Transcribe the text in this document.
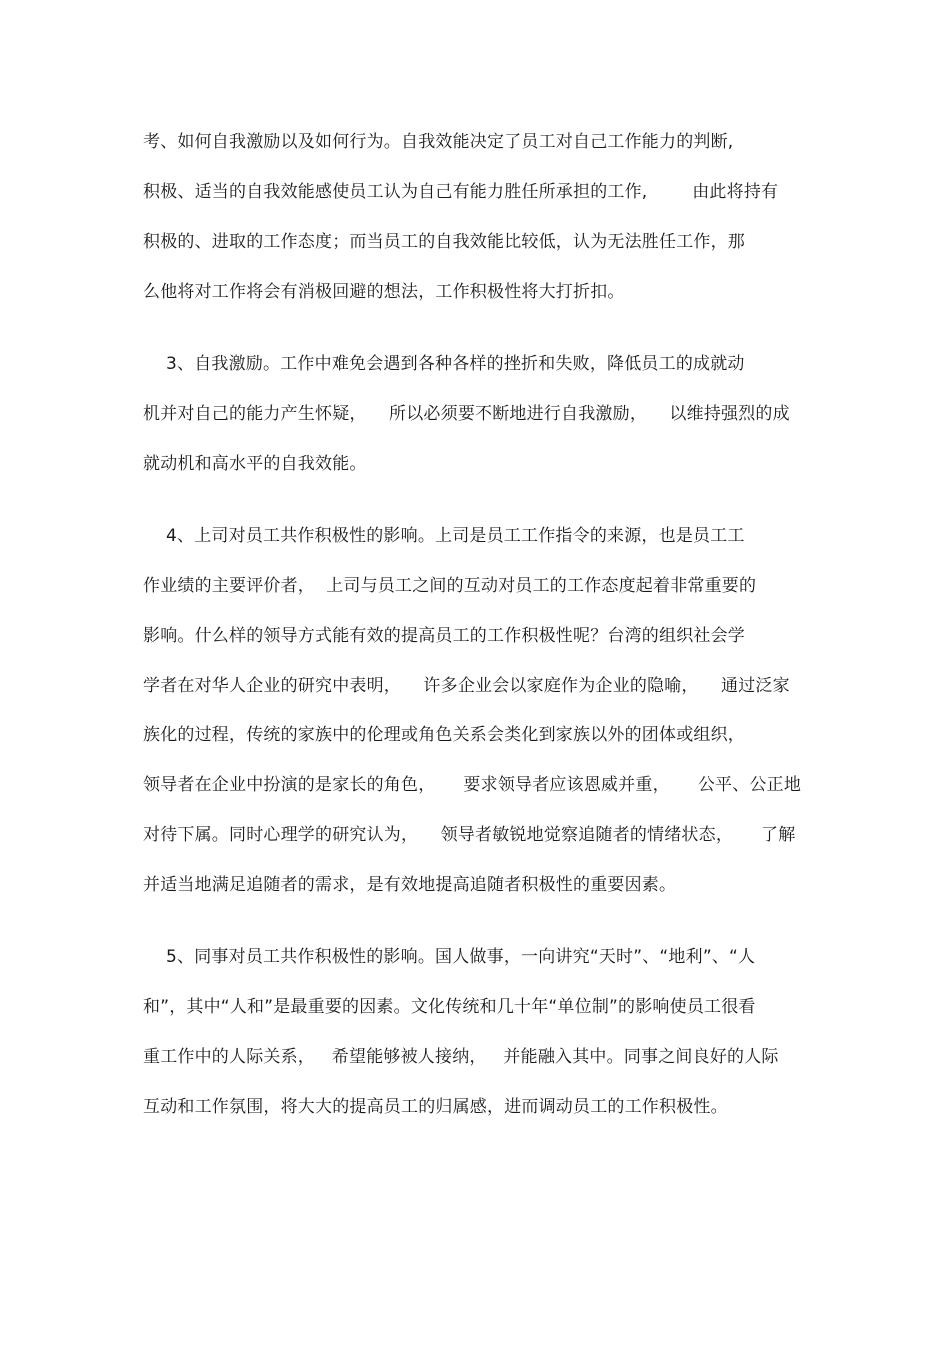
考、如何自我激励以及如何行为。自我效能决定了员工对自己工作能力的判断,
积极、适当的自我效能感使员工认为自己有能力胜任所承担的工作,        由此将持有
积极的、进取的工作态度；而当员工的自我效能比较低，认为无法胜任工作，那
么他将对工作将会有消极回避的想法，工作积极性将大打折扣。
3、自我激励。工作中难免会遇到各种各样的挫折和失败，降低员工的成就动
机并对自己的能力产生怀疑，    所以必须要不断地进行自我激励，    以维持强烈的成
就动机和高水平的自我效能。
4、上司对员工共作积极性的影响。上司是员工工作指令的来源，也是员工工
作业绩的主要评价者，  上司与员工之间的互动对员工的工作态度起着非常重要的
影响。什么样的领导方式能有效的提高员工的工作积极性呢？台湾的组织社会学
学者在对华人企业的研究中表明，    许多企业会以家庭作为企业的隐喻，    通过泛家
族化的过程，传统的家族中的伦理或角色关系会类化到家族以外的团体或组织，
领导者在企业中扮演的是家长的角色，     要求领导者应该恩威并重，     公平、公正地
对待下属。同时心理学的研究认为，    领导者敏锐地觉察追随者的情绪状态，     了解
并适当地满足追随者的需求，是有效地提高追随者积极性的重要因素。
5、同事对员工共作积极性的影响。国人做事，一向讲究“天时”、“地利”、“人
和”，其中“人和”是最重要的因素。文化传统和几十年“单位制”的影响使员工很看
重工作中的人际关系，   希望能够被人接纳，   并能融入其中。同事之间良好的人际
互动和工作氛围，将大大的提高员工的归属感，进而调动员工的工作积极性。
